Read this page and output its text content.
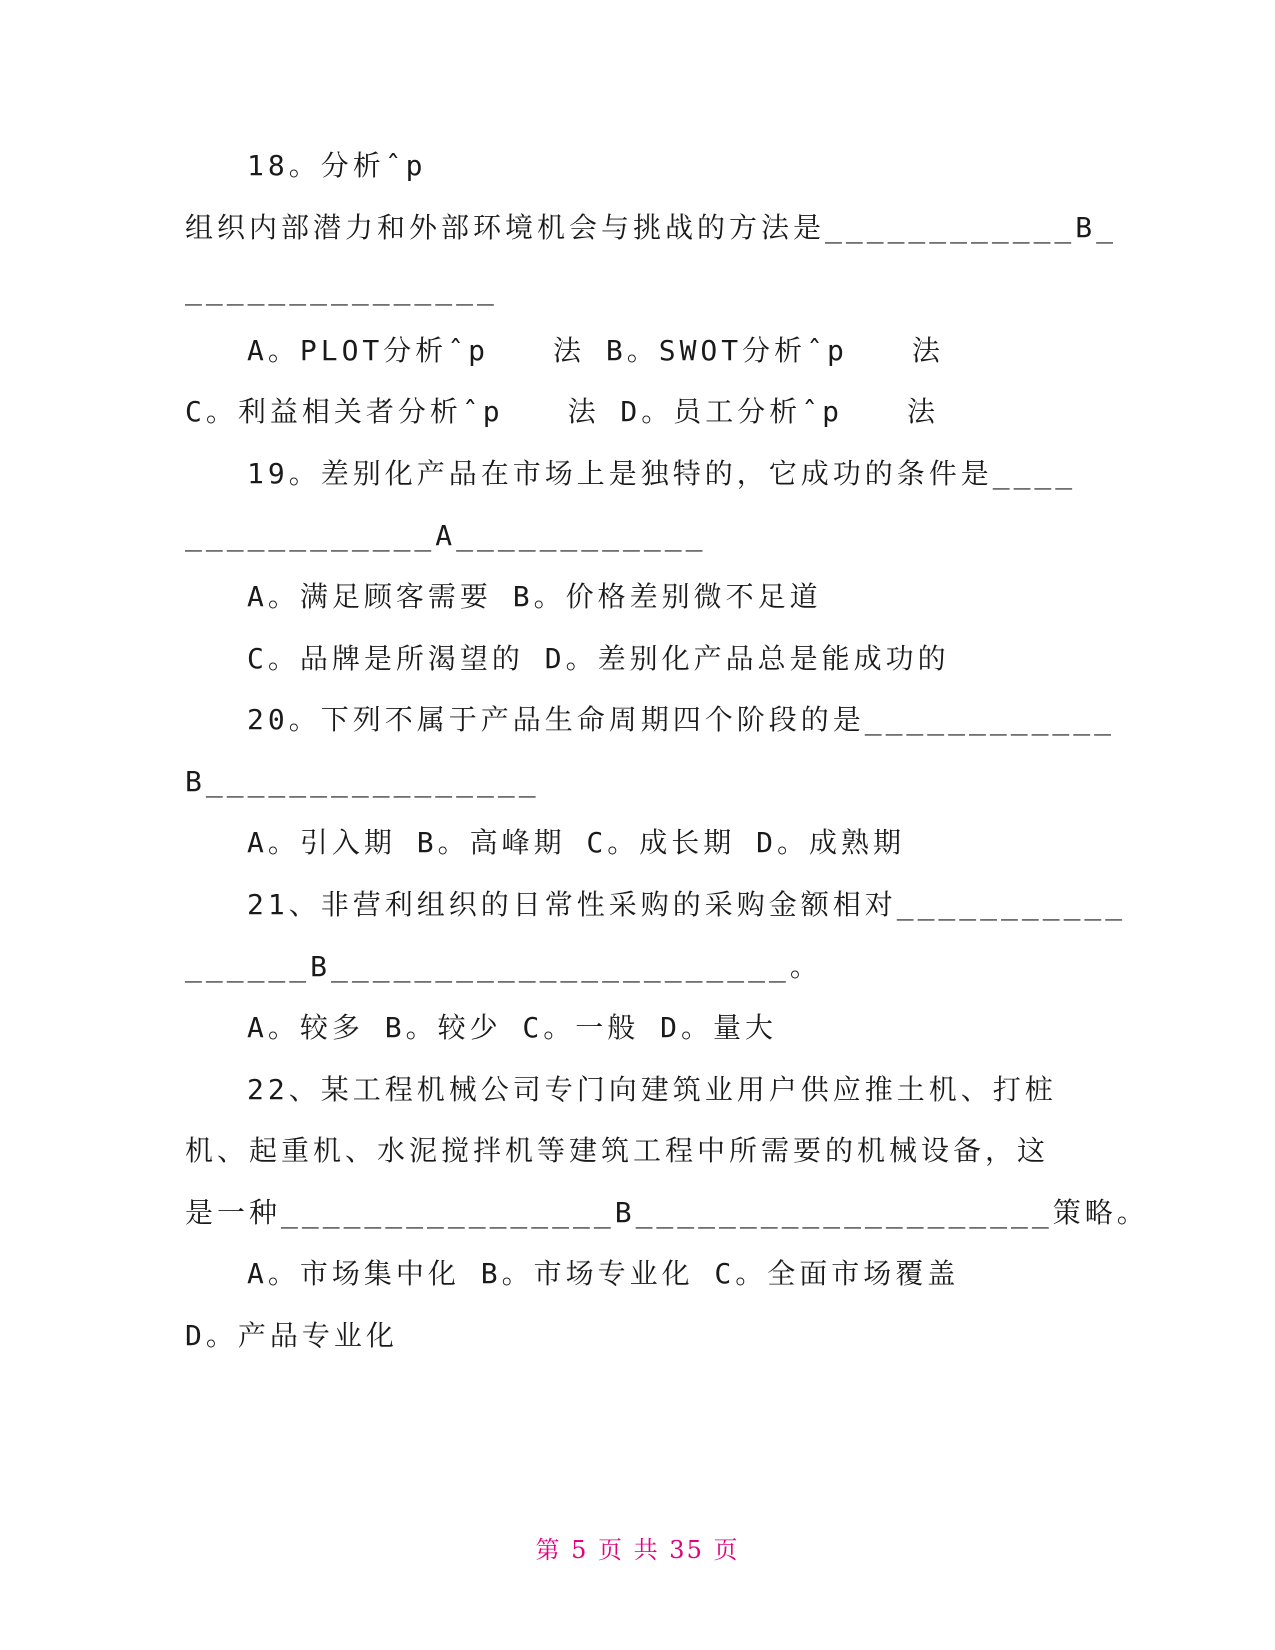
18。分析ˆp
组织内部潜力和外部环境机会与挑战的方法是____________B_
_______________
A。PLOT分析ˆp　　法 B。SWOT分析ˆp　　法
C。利益相关者分析ˆp　　法 D。员工分析ˆp　　法
19。差别化产品在市场上是独特的，它成功的条件是____
____________A____________
A。满足顾客需要 B。价格差别微不足道
C。品牌是所渴望的 D。差别化产品总是能成功的
20。下列不属于产品生命周期四个阶段的是____________
B________________
A。引入期 B。高峰期 C。成长期 D。成熟期
21、非营利组织的日常性采购的采购金额相对___________
______B______________________。
A。较多 B。较少 C。一般 D。量大
22、某工程机械公司专门向建筑业用户供应推土机、打桩
机、起重机、水泥搅拌机等建筑工程中所需要的机械设备，这
是一种________________B____________________策略。
A。市场集中化 B。市场专业化 C。全面市场覆盖
D。产品专业化
第 5 页 共 35 页
